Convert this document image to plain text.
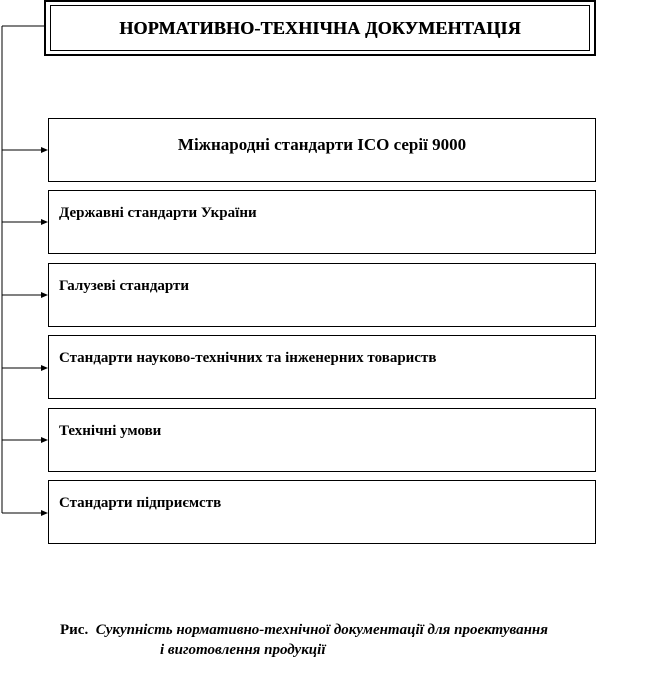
НОРМАТИВНО-ТЕХНІЧНА ДОКУМЕНТАЦІЯ
Міжнародні стандарти ІСО серії 9000
Державні стандарти України
Галузеві стандарти
Стандарти науково-технічних та інженерних товариств
Технічні умови
Стандарти підприємств
Рис. Сукупність нормативно-технічної документації для проектування
і виготовлення продукції
